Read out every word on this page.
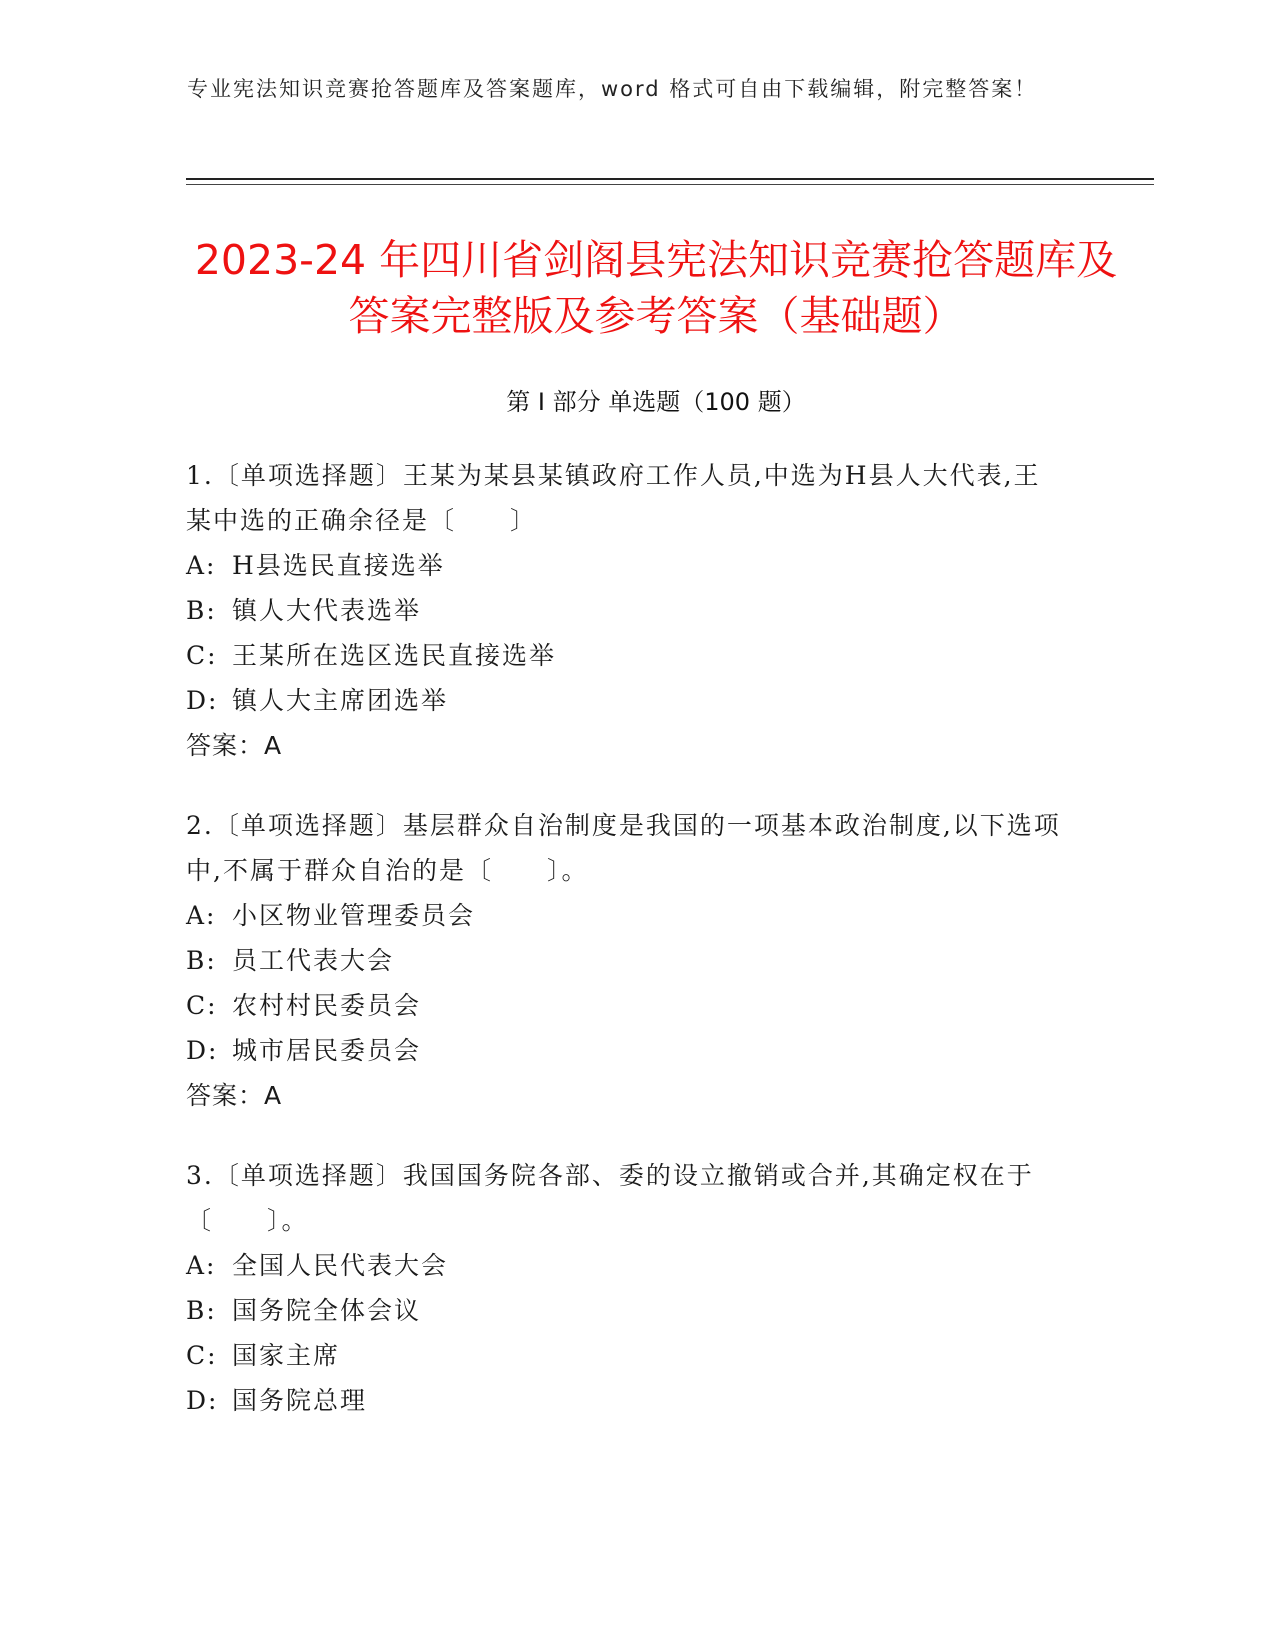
专业宪法知识竞赛抢答题库及答案题库，word 格式可自由下载编辑，附完整答案！
2023-24 年四川省剑阁县宪法知识竞赛抢答题库及答案完整版及参考答案（基础题）
第 I 部分 单选题（100 题）

1.〔单项选择题〕王某为某县某镇政府工作人员,中选为H县人大代表,王某中选的正确余径是〔　　〕

A: H县选民直接选举

B: 镇人大代表选举

C: 王某所在选区选民直接选举

D: 镇人大主席团选举

答案：A

2.〔单项选择题〕基层群众自治制度是我国的一项基本政治制度,以下选项中,不属于群众自治的是〔　　〕。

A: 小区物业管理委员会

B: 员工代表大会

C: 农村村民委员会

D: 城市居民委员会

答案：A

3.〔单项选择题〕我国国务院各部、委的设立撤销或合并,其确定权在于〔　　〕。

A: 全国人民代表大会

B: 国务院全体会议

C: 国家主席

D: 国务院总理
